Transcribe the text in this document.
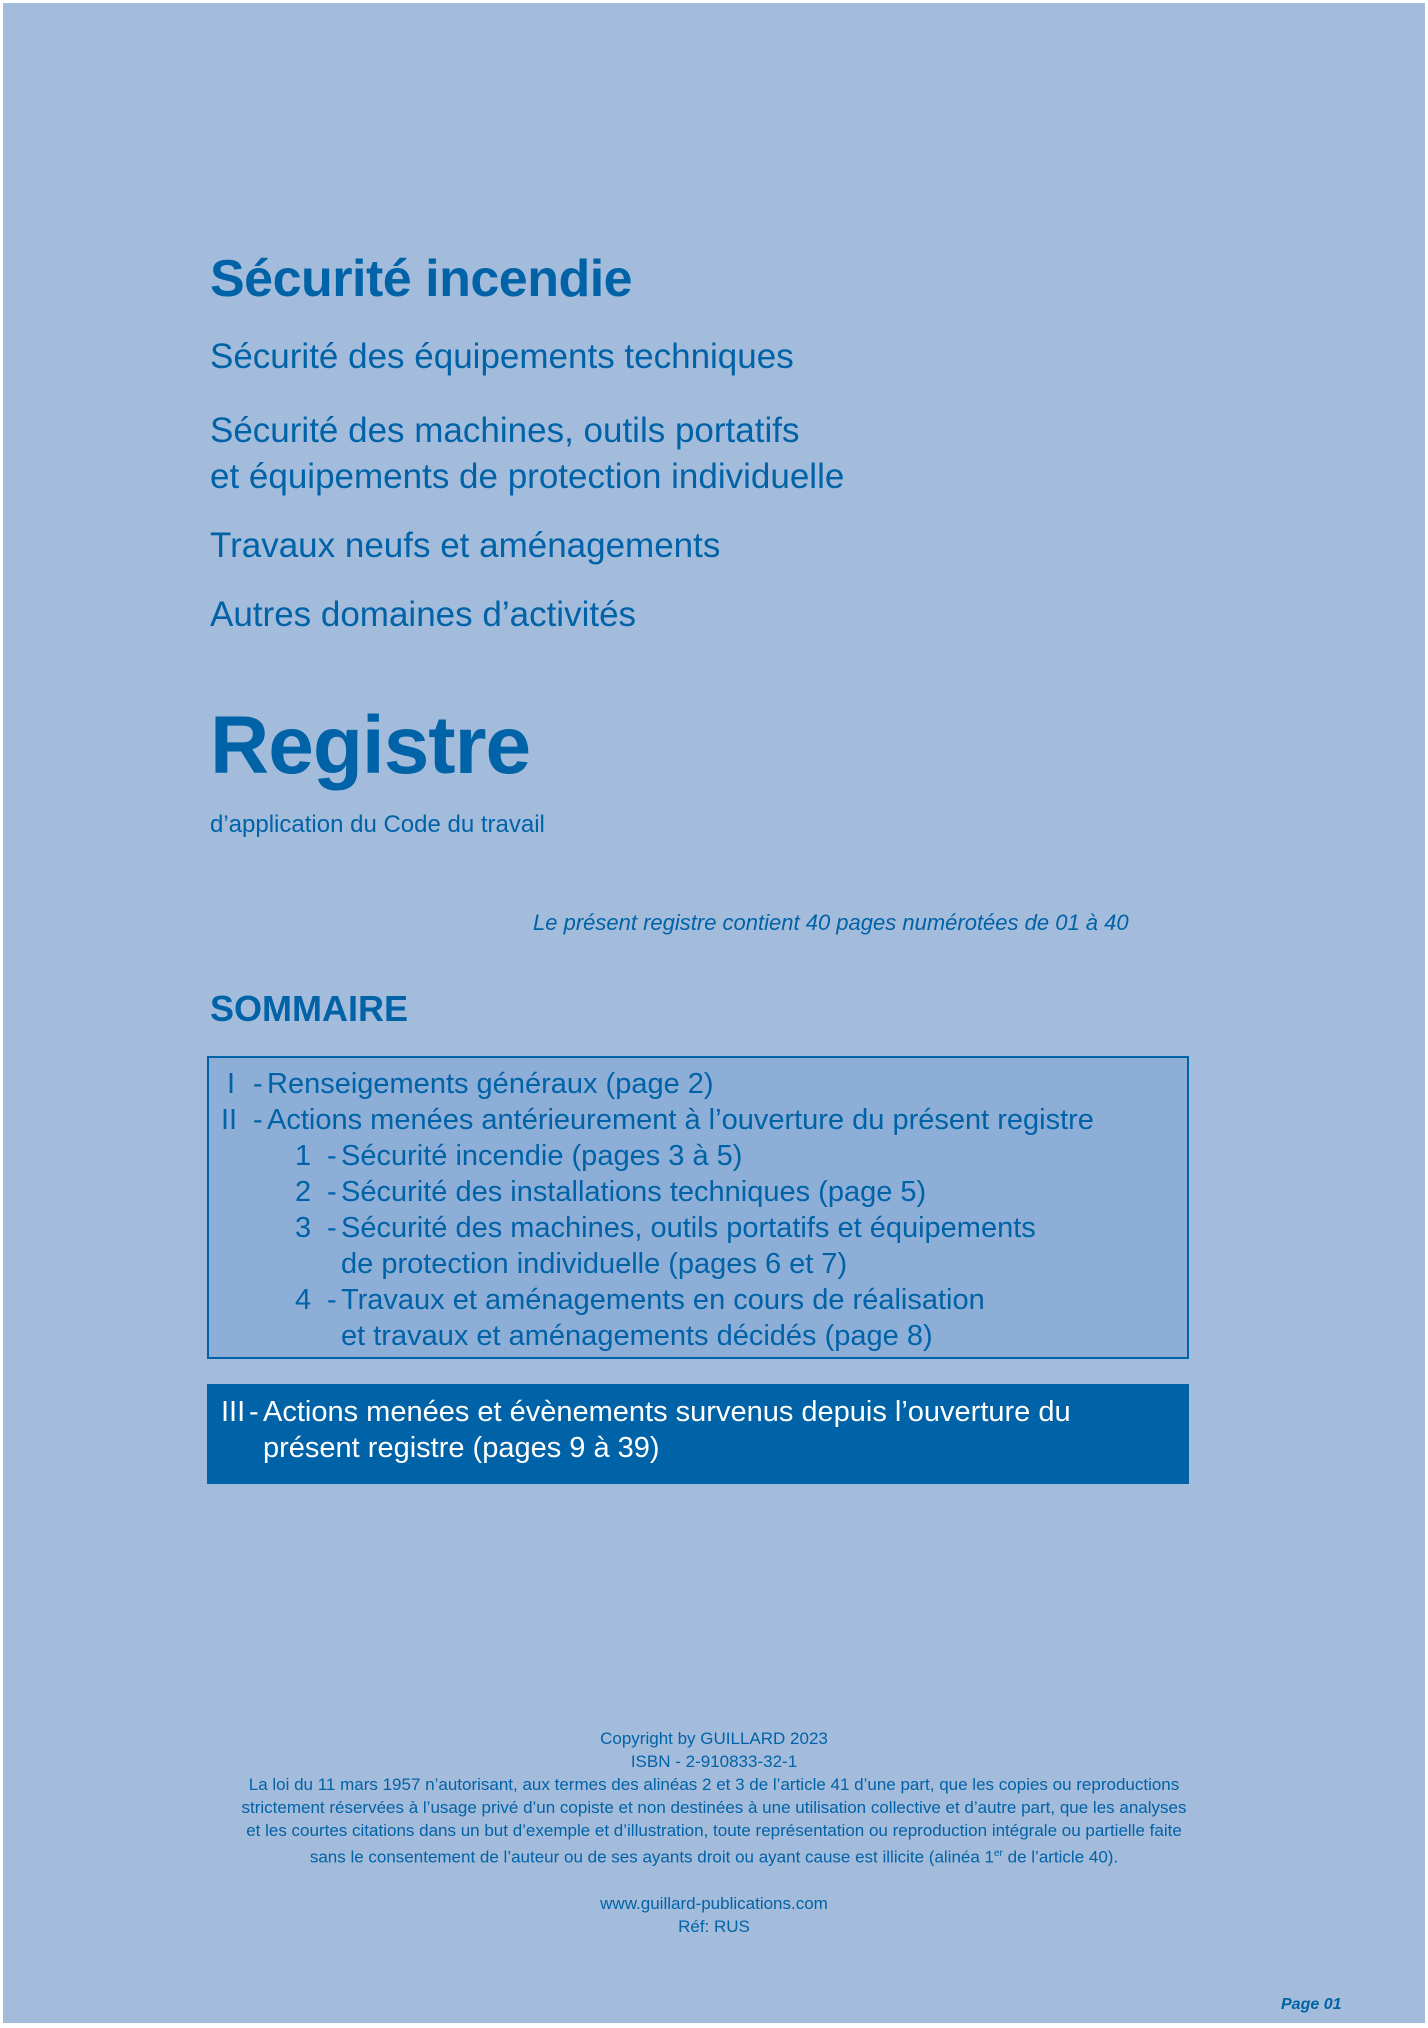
Sécurité incendie
Sécurité des équipements techniques
Sécurité des machines, outils portatifs
et équipements de protection individuelle
Travaux neufs et aménagements
Autres domaines d’activités
Registre
d’application du Code du travail
Le présent registre contient 40 pages numérotées de 01 à 40
SOMMAIRE
I - Renseigements généraux (page 2)
II - Actions menées antérieurement à l’ouverture du présent registre
1 - Sécurité incendie (pages 3 à 5)
2 - Sécurité des installations techniques (page 5)
3 - Sécurité des machines, outils portatifs et équipements
de protection individuelle (pages 6 et 7)
4 - Travaux et aménagements en cours de réalisation
et travaux et aménagements décidés (page 8)
III - Actions menées et évènements survenus depuis l’ouverture du
présent registre (pages 9 à 39)
Copyright by GUILLARD 2023
ISBN - 2-910833-32-1
La loi du 11 mars 1957 n’autorisant, aux termes des alinéas 2 et 3 de l’article 41 d’une part, que les copies ou reproductions
strictement réservées à l’usage privé d’un copiste et non destinées à une utilisation collective et d’autre part, que les analyses
et les courtes citations dans un but d’exemple et d’illustration, toute représentation ou reproduction intégrale ou partielle faite
sans le consentement de l’auteur ou de ses ayants droit ou ayant cause est illicite (alinéa 1er de l’article 40).
www.guillard-publications.com
Réf: RUS
Page 01
